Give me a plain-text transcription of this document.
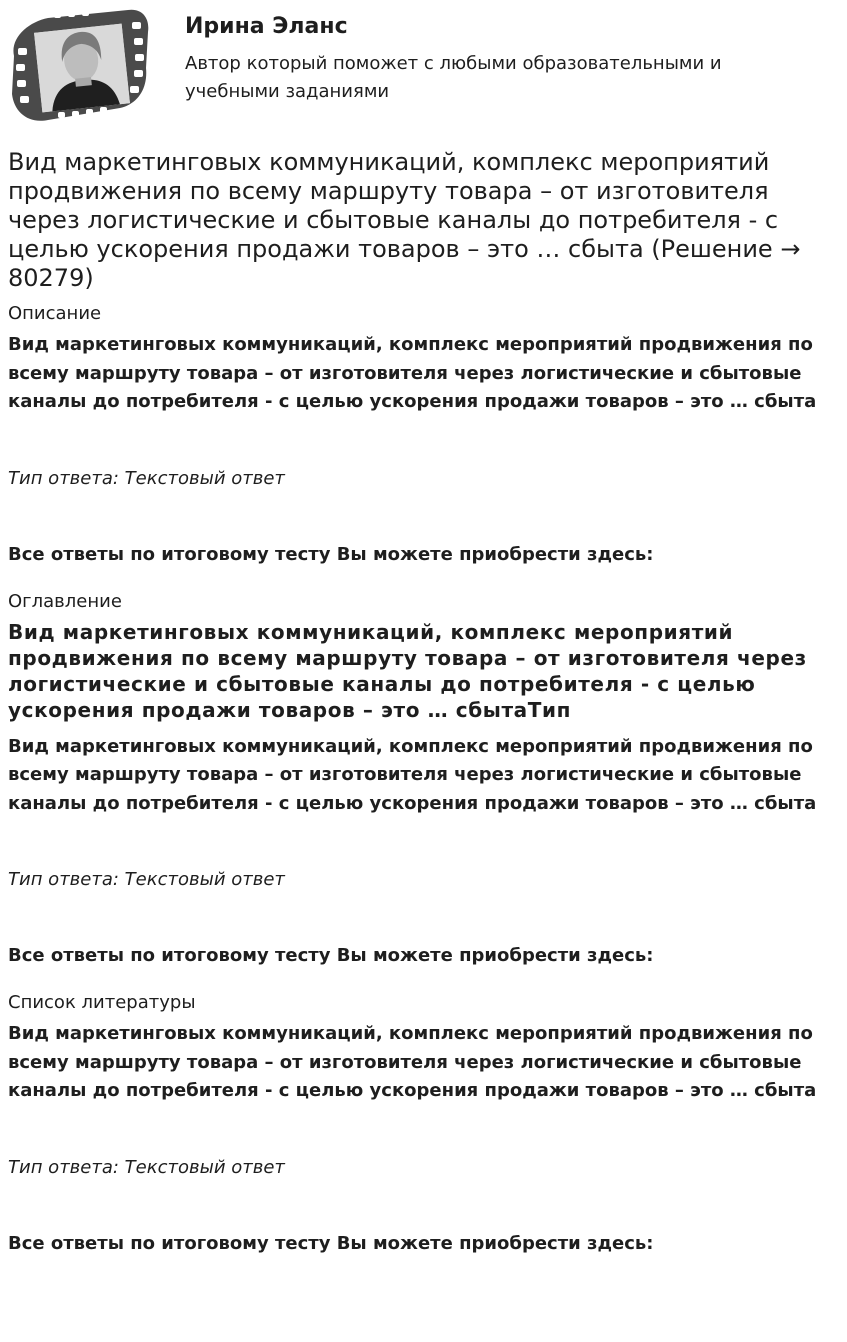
Ирина Эланс

Автор который поможет с любыми образовательными и учебными заданиями

Вид маркетинговых коммуникаций, комплекс мероприятий продвижения по всему маршруту товара – от изготовителя через логистические и сбытовые каналы до потребителя - с целью ускорения продажи товаров – это … сбыта (Решение → 80279)
Описание

Вид маркетинговых коммуникаций, комплекс мероприятий продвижения по всему маршруту товара – от изготовителя через логистические и сбытовые каналы до потребителя - с целью ускорения продажи товаров – это … сбыта

Тип ответа: Текстовый ответ

Все ответы по итоговому тесту Вы можете приобрести здесь:

Оглавление
Вид маркетинговых коммуникаций, комплекс мероприятий продвижения по всему маршруту товара – от изготовителя через логистические и сбытовые каналы до потребителя - с целью ускорения продажи товаров – это … сбытаТип

Вид маркетинговых коммуникаций, комплекс мероприятий продвижения по всему маршруту товара – от изготовителя через логистические и сбытовые каналы до потребителя - с целью ускорения продажи товаров – это … сбыта

Тип ответа: Текстовый ответ

Все ответы по итоговому тесту Вы можете приобрести здесь:

Список литературы

Вид маркетинговых коммуникаций, комплекс мероприятий продвижения по всему маршруту товара – от изготовителя через логистические и сбытовые каналы до потребителя - с целью ускорения продажи товаров – это … сбыта

Тип ответа: Текстовый ответ

Все ответы по итоговому тесту Вы можете приобрести здесь:
